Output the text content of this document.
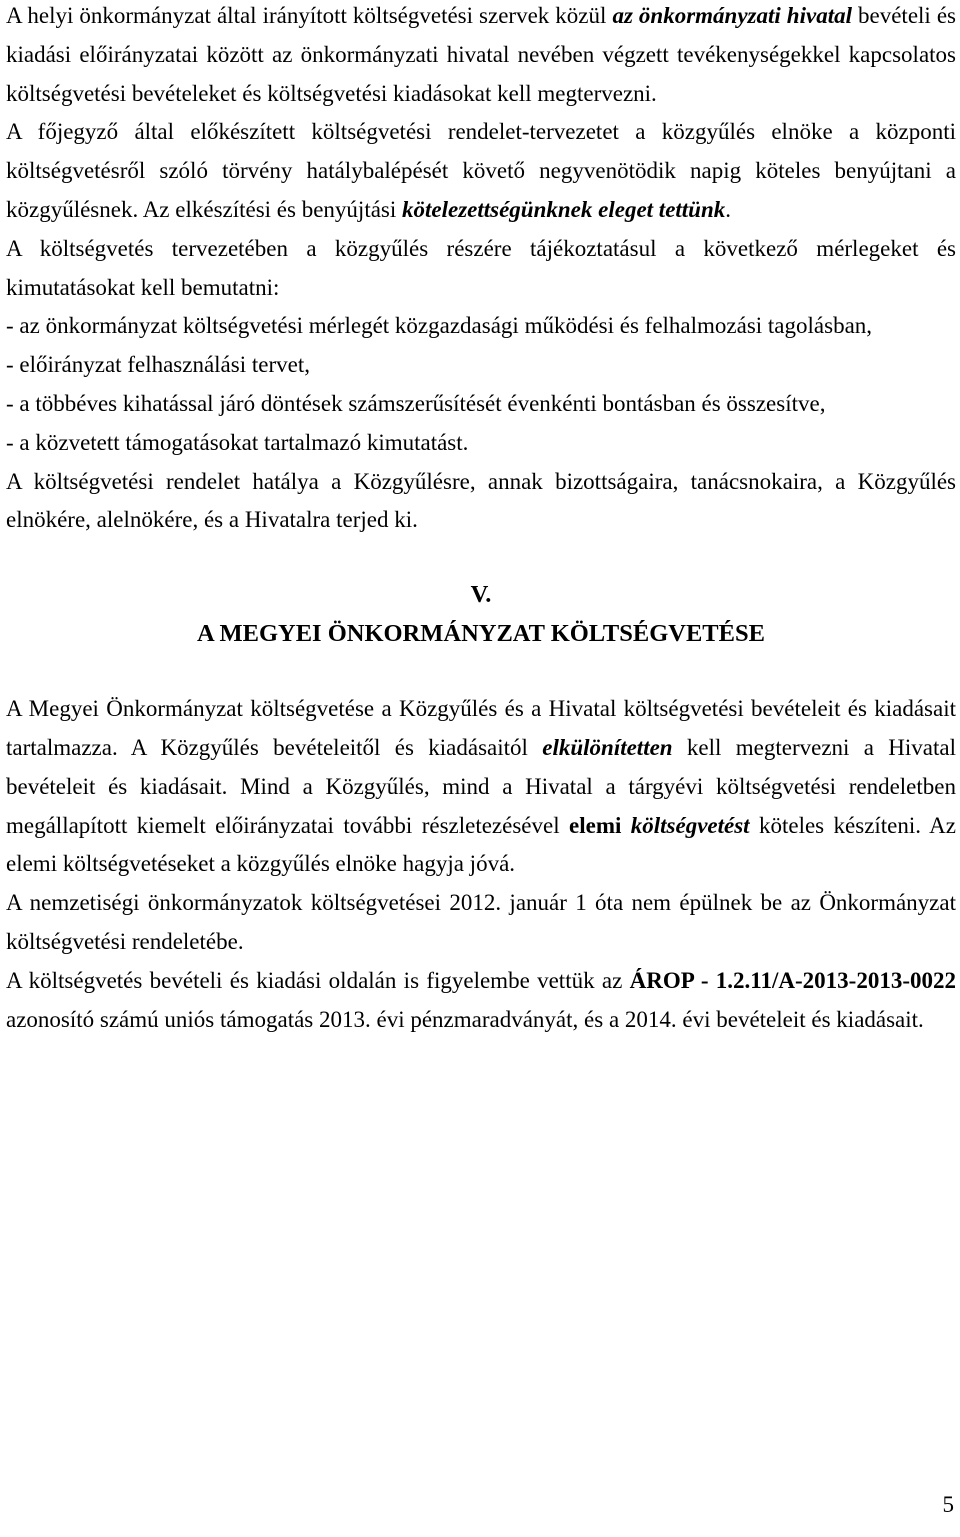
A helyi önkormányzat által irányított költségvetési szervek közül az önkormányzati hivatal bevételi és kiadási előirányzatai között az önkormányzati hivatal nevében végzett tevékenységekkel kapcsolatos költségvetési bevételeket és költségvetési kiadásokat kell megtervezni.

A főjegyző által előkészített költségvetési rendelet-tervezetet a közgyűlés elnöke a központi költségvetésről szóló törvény hatálybalépését követő negyvenötödik napig köteles benyújtani a közgyűlésnek. Az elkészítési és benyújtási kötelezettségünknek eleget tettünk.

A költségvetés tervezetében a közgyűlés részére tájékoztatásul a következő mérlegeket és kimutatásokat kell bemutatni:

- az önkormányzat költségvetési mérlegét közgazdasági működési és felhalmozási tagolásban,

- előirányzat felhasználási tervet,

- a többéves kihatással járó döntések számszerűsítését évenkénti bontásban és összesítve,

- a közvetett támogatásokat tartalmazó kimutatást.

A költségvetési rendelet hatálya a Közgyűlésre, annak bizottságaira, tanácsnokaira, a Közgyűlés elnökére, alelnökére, és a Hivatalra terjed ki.

V.

A MEGYEI ÖNKORMÁNYZAT KÖLTSÉGVETÉSE

A Megyei Önkormányzat költségvetése a Közgyűlés és a Hivatal költségvetési bevételeit és kiadásait tartalmazza. A Közgyűlés bevételeitől és kiadásaitól elkülönítetten kell megtervezni a Hivatal bevételeit és kiadásait. Mind a Közgyűlés, mind a Hivatal a tárgyévi költségvetési rendeletben megállapított kiemelt előirányzatai további részletezésével elemi költségvetést köteles készíteni. Az elemi költségvetéseket a közgyűlés elnöke hagyja jóvá.

A nemzetiségi önkormányzatok költségvetései 2012. január 1 óta nem épülnek be az Önkormányzat költségvetési rendeletébe.

A költségvetés bevételi és kiadási oldalán is figyelembe vettük az ÁROP - 1.2.11/A-2013-2013-0022 azonosító számú uniós támogatás 2013. évi pénzmaradványát, és a 2014. évi bevételeit és kiadásait.

5
